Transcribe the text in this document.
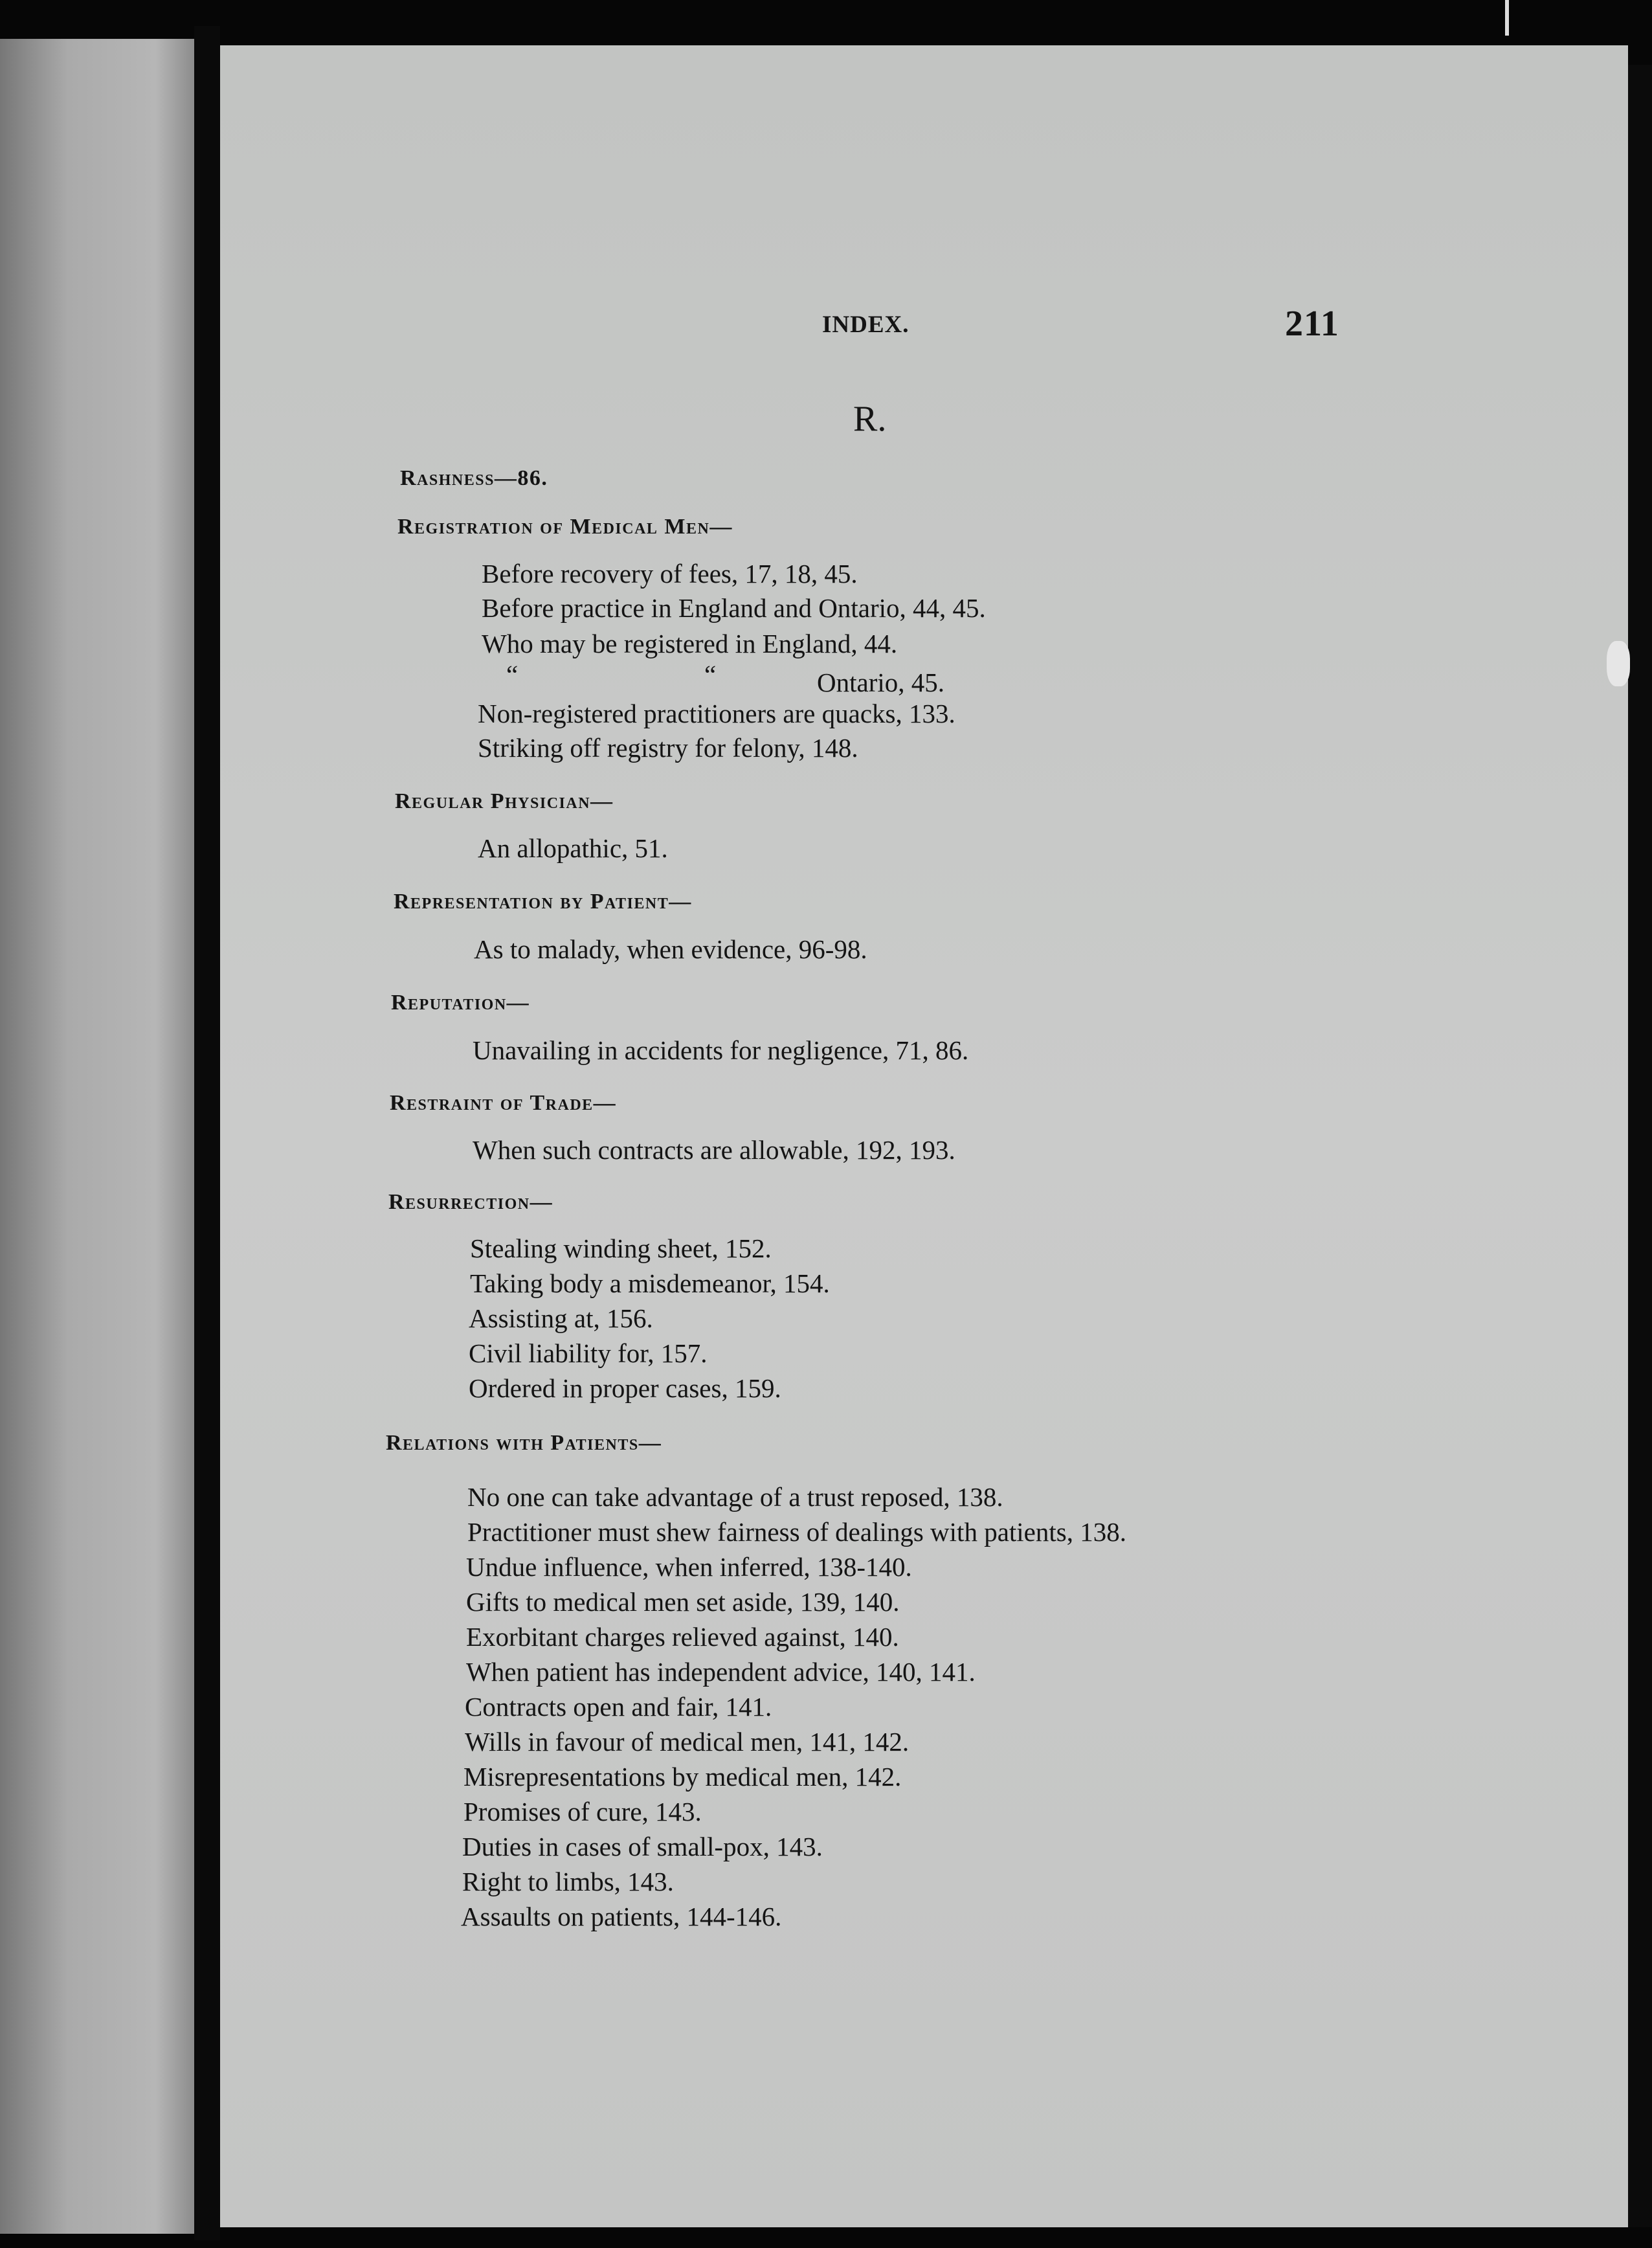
INDEX.	211
R.
Rashness—86.
Registration of Medical Men—
Before recovery of fees, 17, 18, 45.
Before practice in England and Ontario, 44, 45.
Who may be registered in England, 44.
“	“	Ontario, 45.
Non-registered practitioners are quacks, 133.
Striking off registry for felony, 148.
Regular Physician—
An allopathic, 51.
Representation by Patient—
As to malady, when evidence, 96-98.
Reputation—
Unavailing in accidents for negligence, 71, 86.
Restraint of Trade—
When such contracts are allowable, 192, 193.
Resurrection—
Stealing winding sheet, 152.
Taking body a misdemeanor, 154.
Assisting at, 156.
Civil liability for, 157.
Ordered in proper cases, 159.
Relations with Patients—
No one can take advantage of a trust reposed, 138.
Practitioner must shew fairness of dealings with patients, 138.
Undue influence, when inferred, 138-140.
Gifts to medical men set aside, 139, 140.
Exorbitant charges relieved against, 140.
When patient has independent advice, 140, 141.
Contracts open and fair, 141.
Wills in favour of medical men, 141, 142.
Misrepresentations by medical men, 142.
Promises of cure, 143.
Duties in cases of small-pox, 143.
Right to limbs, 143.
Assaults on patients, 144-146.
